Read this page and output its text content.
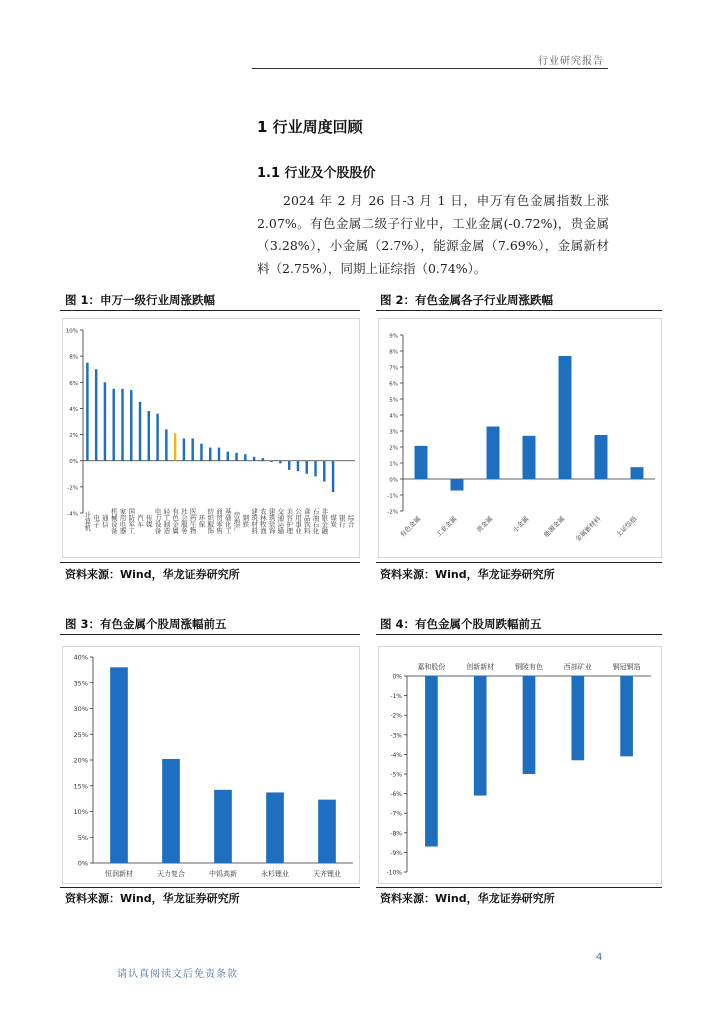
行业研究报告
1 行业周度回顾
1.1 行业及个股股价
2024 年 2 月 26 日-3 月 1 日，申万有色金属指数上涨 2.07%。有色金属二级子行业中，工业金属(-0.72%)，贵金属（3.28%），小金属（2.7%），能源金属（7.69%），金属新材料（2.75%），同期上证综指（0.74%）。
图 1：申万一级行业周涨跌幅
10%
8%
6%
4%
2%
0%
-2%
-4% 计算机 电子 通信 机械设备 家用电器 国防军工 汽车 传媒 电力设备 轻工制造 有色金属 社会服务 医药生物 环保 纺织服饰 商贸零售 基础化工 房地产 钢铁 建筑材料 农林牧渔 建筑装饰 交通运输 美容护理 公用事业 食品饮料 石油石化 非银金融 煤炭 银行 综合
资料来源：Wind，华龙证券研究所
图 2：有色金属各子行业周涨跌幅
9%
8%
7%
6%
5%
4%
3%
2%
1%
0%
-1%
-2%
有色金属 工业金属	贵金属	小金属 能源金属 金属新材料 上证综指
资料来源：Wind，华龙证券研究所
图 3：有色金属个股周涨幅前五
40%
35%
30%
25%
20%
15%
10%
5%
0%
恒润新材	天力复合	中钨高新	永杉锂业	天齐锂业
资料来源：Wind，华龙证券研究所
图 4：有色金属个股周跌幅前五
0%
-1%
-2%
-3%
-4%
-5%
-6%
-7%
-8%
-9%
-10%
嘉和股份	创新新材	铜陵有色	西部矿业	铜冠铜箔
资料来源：Wind，华龙证券研究所
4
请认真阅读文后免责条款
